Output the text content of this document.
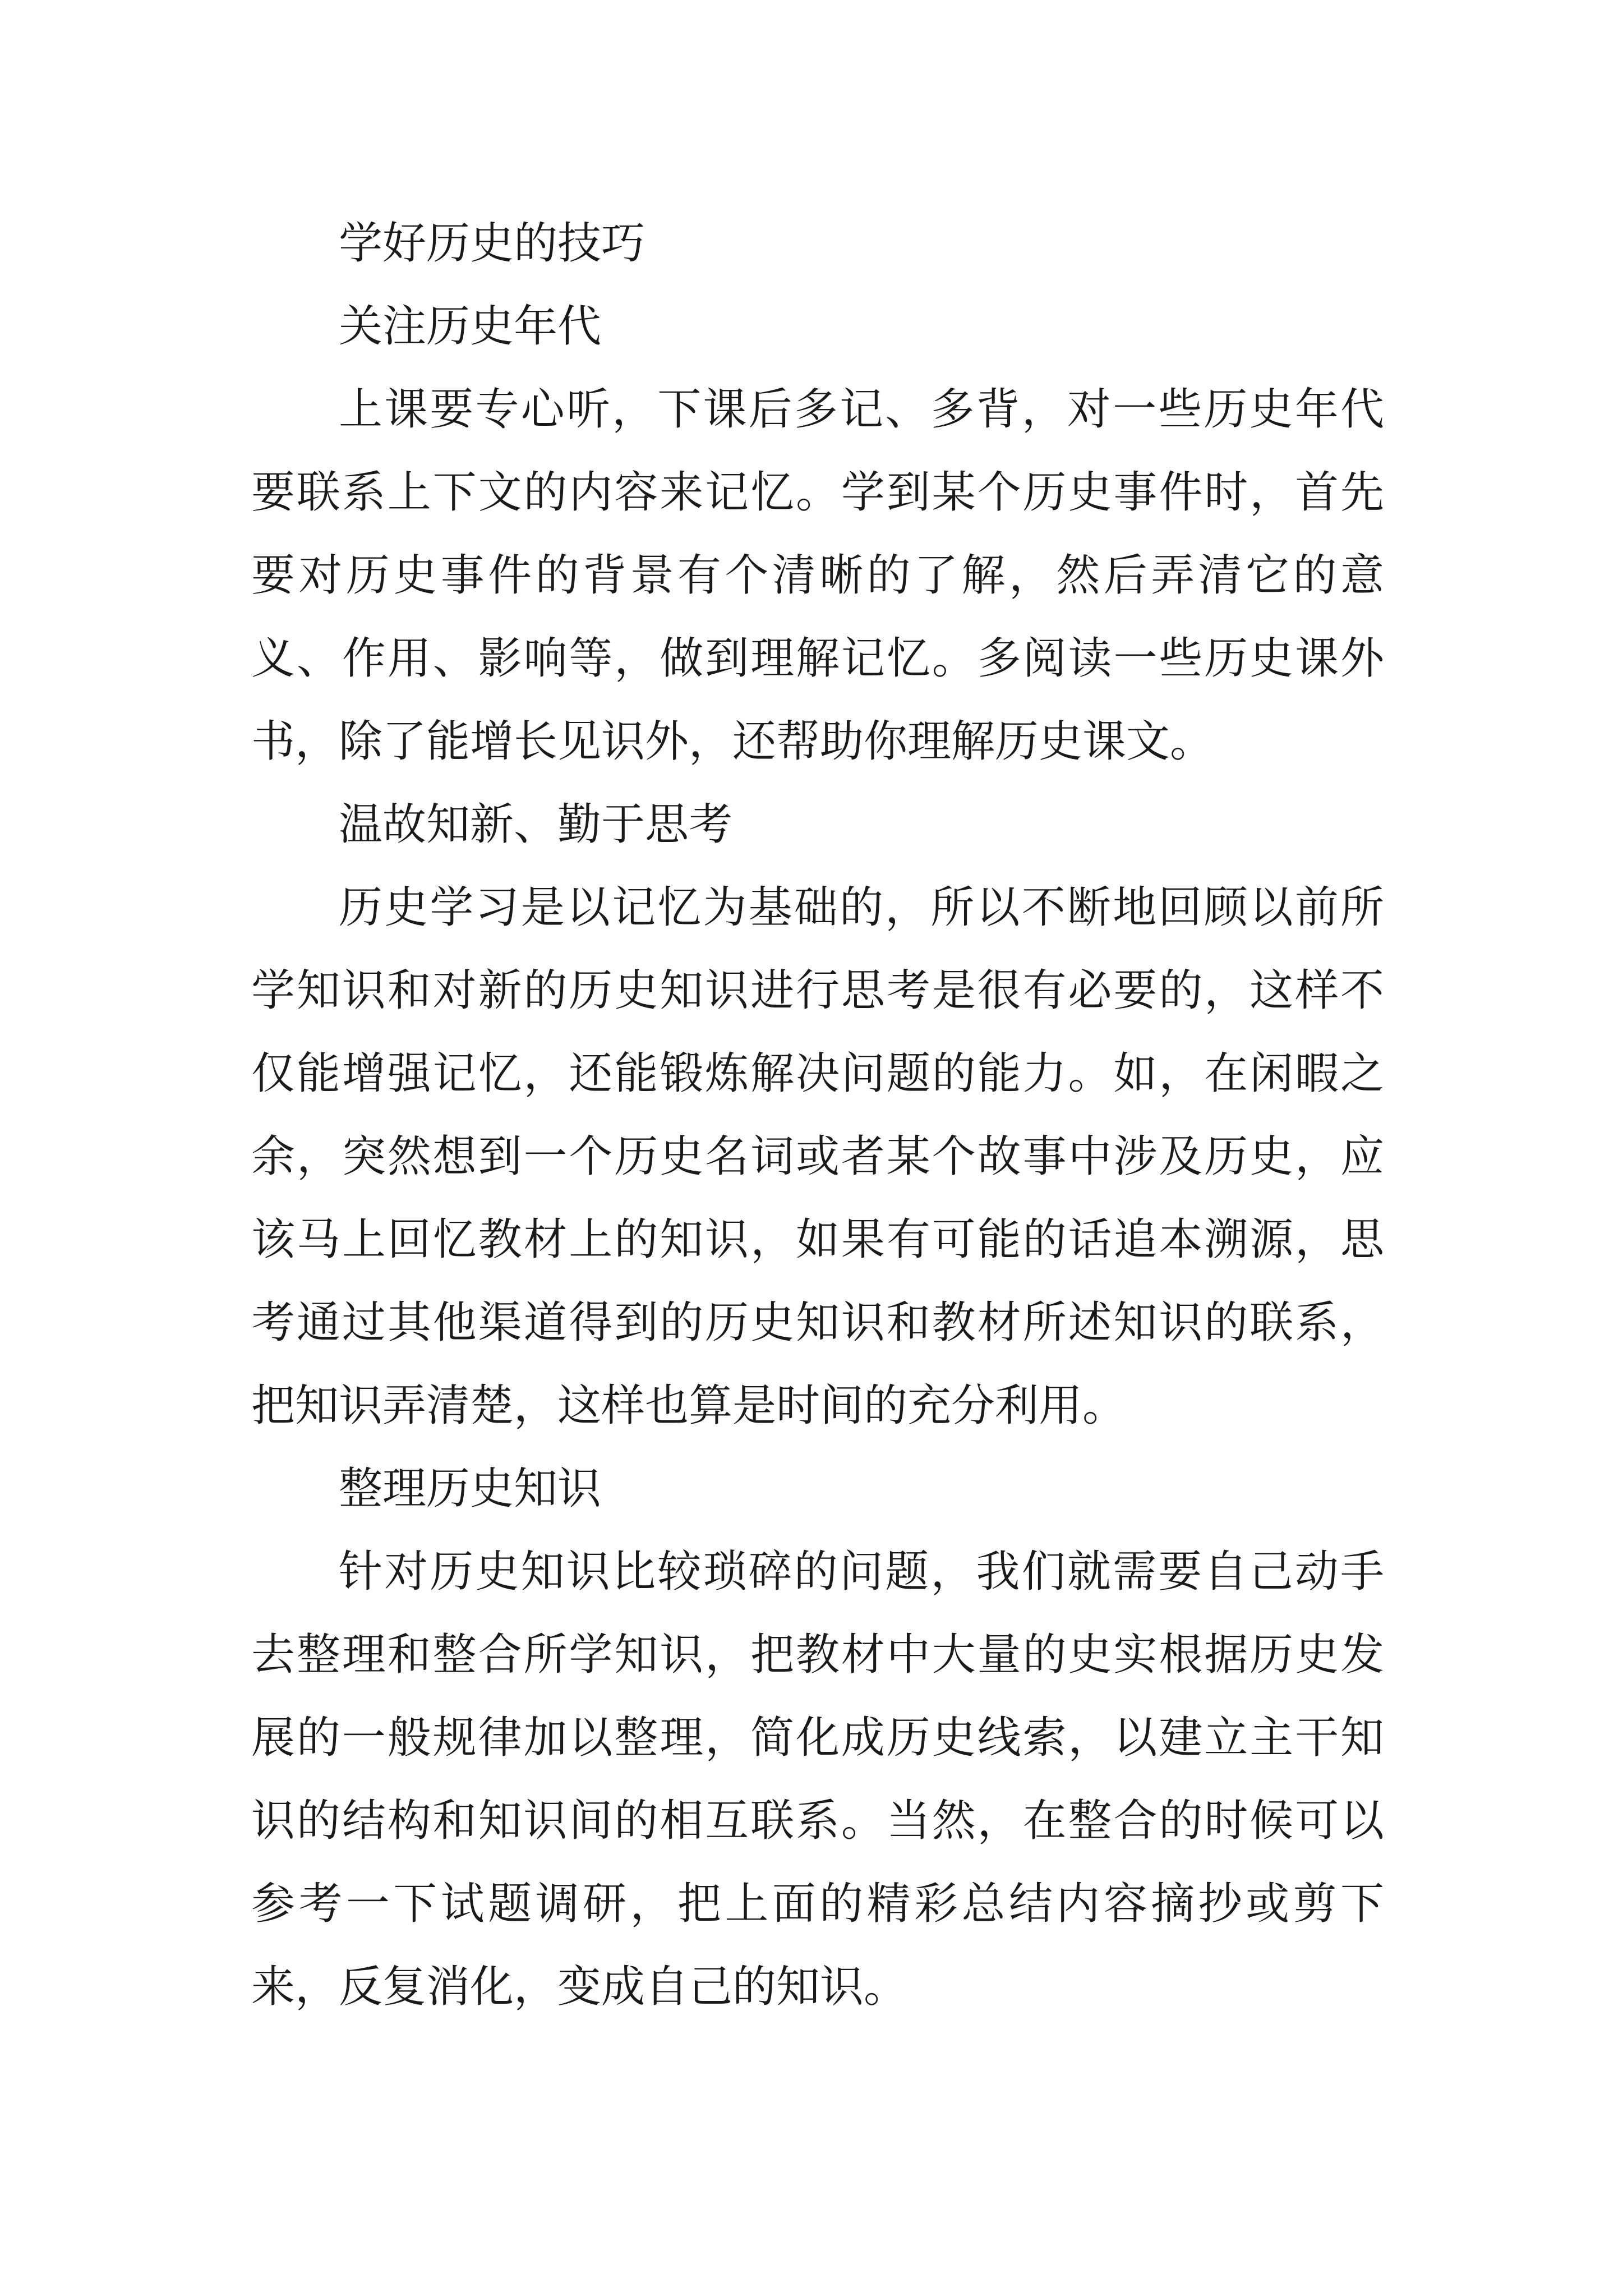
学好历史的技巧

关注历史年代

上课要专心听，下课后多记、多背，对一些历史年代要联系上下文的内容来记忆。学到某个历史事件时，首先要对历史事件的背景有个清晰的了解，然后弄清它的意义、作用、影响等，做到理解记忆。多阅读一些历史课外书，除了能增长见识外，还帮助你理解历史课文。

温故知新、勤于思考

历史学习是以记忆为基础的，所以不断地回顾以前所学知识和对新的历史知识进行思考是很有必要的，这样不仅能增强记忆，还能锻炼解决问题的能力。如，在闲暇之余，突然想到一个历史名词或者某个故事中涉及历史，应该马上回忆教材上的知识，如果有可能的话追本溯源，思考通过其他渠道得到的历史知识和教材所述知识的联系，把知识弄清楚，这样也算是时间的充分利用。

整理历史知识

针对历史知识比较琐碎的问题，我们就需要自己动手去整理和整合所学知识，把教材中大量的史实根据历史发展的一般规律加以整理，简化成历史线索，以建立主干知识的结构和知识间的相互联系。当然，在整合的时候可以参考一下试题调研，把上面的精彩总结内容摘抄或剪下来，反复消化，变成自己的知识。
